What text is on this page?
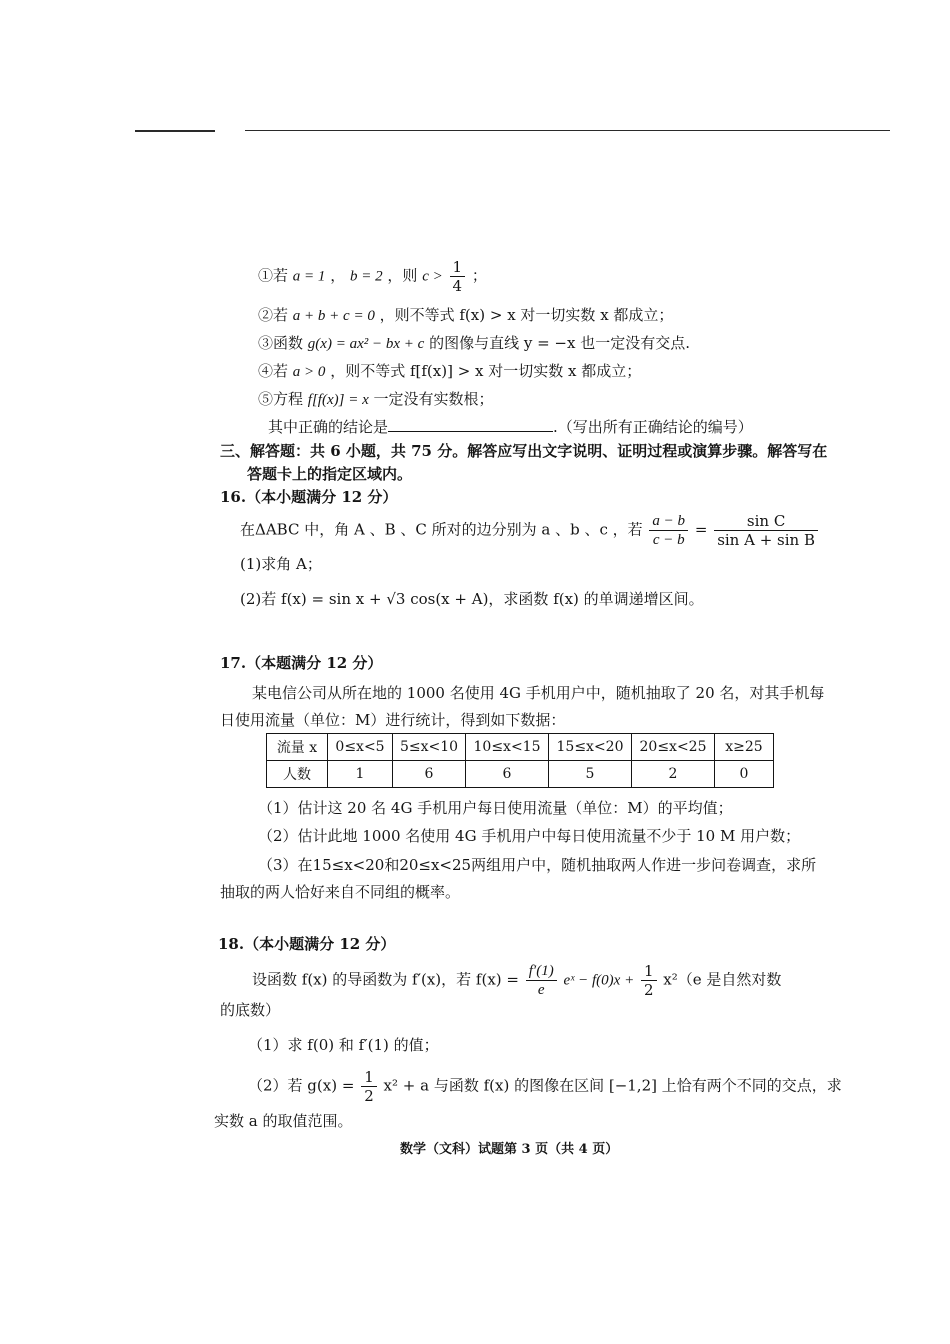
①若 a = 1 ， b = 2 ，则 $c > \frac{1}{4}$ ；
②若 a + b + c = 0 ，则不等式 f(x) > x 对一切实数 x 都成立；
③函数 g(x) = ax² − bx + c 的图像与直线 y = −x 也一定没有交点.
④若 a > 0 ，则不等式 f[f(x)] > x 对一切实数 x 都成立；
⑤方程 f[f(x)] = x 一定没有实数根；
其中正确的结论是	.（写出所有正确结论的编号）
三、解答题：共 6 小题，共 75 分。解答应写出文字说明、证明过程或演算步骤。解答写在
答题卡上的指定区域内。
16.（本小题满分 12 分）
在ΔABC 中，角 A 、B 、C 所对的边分别为 a 、b 、c ，若 $\frac{a - b}{c - b} = \frac{\text{sin C}}{\text{sin A + sin B}}$
(1)求角 A；
(2)若 f(x) = sin x + √3 cos(x + A)，求函数 f(x) 的单调递增区间。
17.（本题满分 12 分）
某电信公司从所在地的 1000 名使用 4G 手机用户中，随机抽取了 20 名，对其手机每
日使用流量（单位：M）进行统计，得到如下数据：
流量 x	0≤x<5	5≤x<10	10≤x<15	15≤x<20	20≤x<25	x≥25
人数	1	6	6	5	2	0
（1）估计这 20 名 4G 手机用户每日使用流量（单位：M）的平均值；
（2）估计此地 1000 名使用 4G 手机用户中每日使用流量不少于 10 M 用户数；
（3）在15≤x<20和20≤x<25两组用户中，随机抽取两人作进一步问卷调查，求所
抽取的两人恰好来自不同组的概率。
18.（本小题满分 12 分）
设函数 f(x) 的导函数为 f′(x)，若 $f(x) = \frac{f'(1)}{e}$ eˣ − $f(0)x + \frac{1}{2} x^2(e$ 是自然对数
的底数）
（1）求 f(0) 和 f′(1) 的值；
（2）若 $g(x) = \frac{1}{2} x^2 + a$ 与函数 f(x) 的图像在区间 [−1,2] 上恰有两个不同的交点，求
实数 a 的取值范围。
数学（文科）试题第 3 页（共 4 页）
